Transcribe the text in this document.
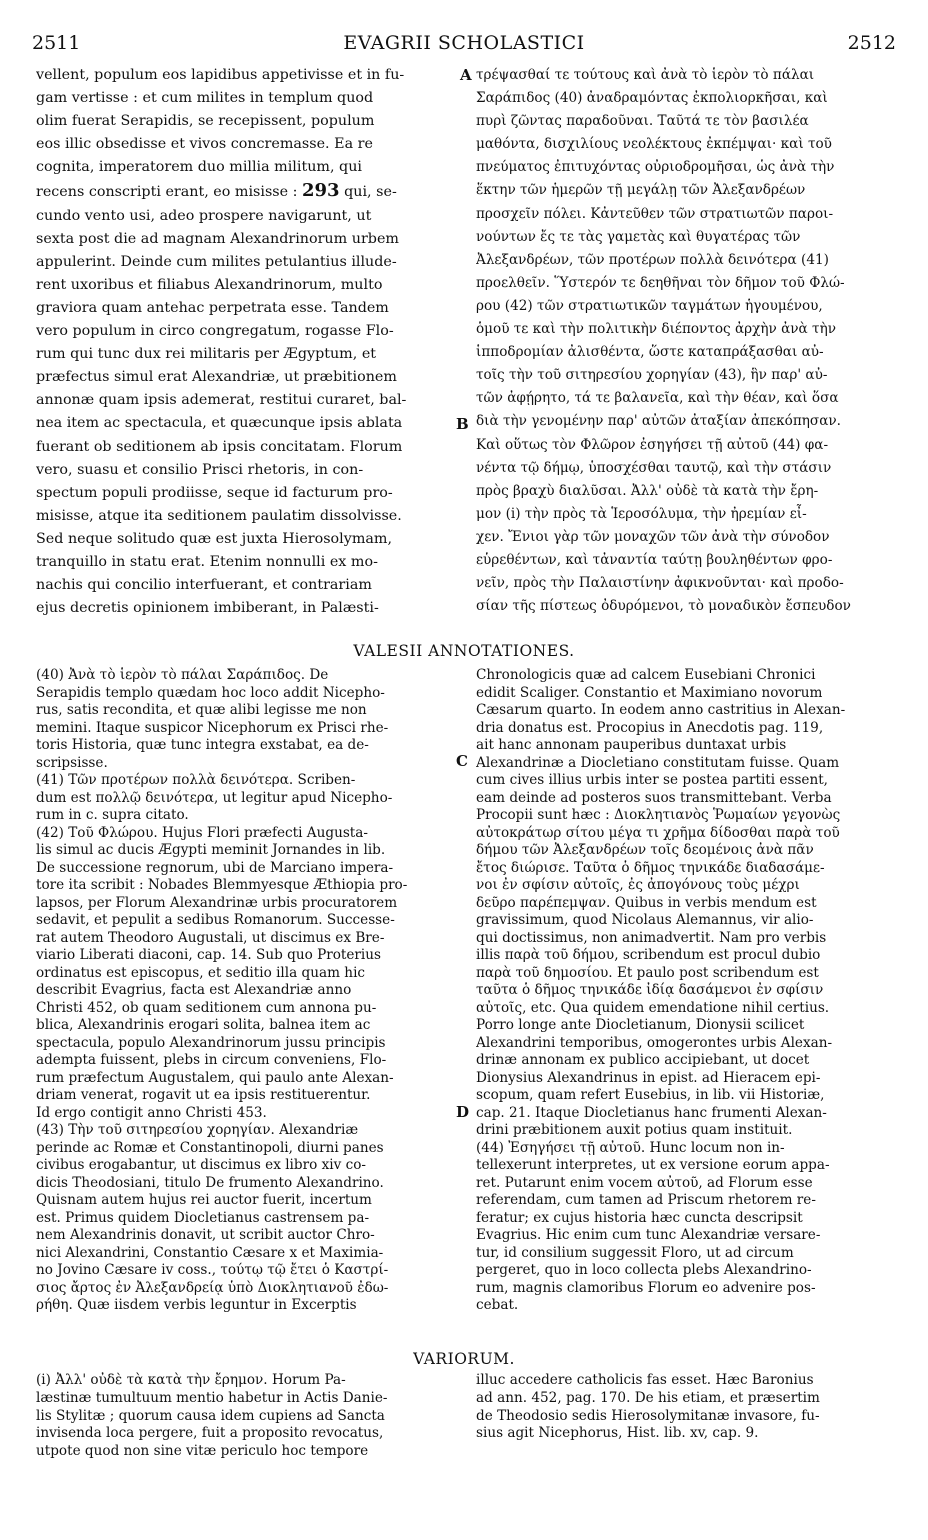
2511	EVAGRII SCHOLASTICI	2512
vellent, populum eos lapidibus appetivisse et in fu-
gam vertisse : et cum milites in templum quod
olim fuerat Serapidis, se recepissent, populum
eos illic obsedisse et vivos concremasse. Ea re
cognita, imperatorem duo millia militum, qui
recens conscripti erant, eo misisse : 293 qui, se-
cundo vento usi, adeo prospere navigarunt, ut
sexta post die ad magnam Alexandrinorum urbem
appulerint. Deinde cum milites petulantius illude-
rent uxoribus et filiabus Alexandrinorum, multo
graviora quam antehac perpetrata esse. Tandem
vero populum in circo congregatum, rogasse Flo-
rum qui tunc dux rei militaris per Ægyptum, et
præfectus simul erat Alexandriæ, ut præbitionem
annonæ quam ipsis ademerat, restitui curaret, bal-
nea item ac spectacula, et quæcunque ipsis ablata
fuerant ob seditionem ab ipsis concitatam. Florum
vero, suasu et consilio Prisci rhetoris, in con-
spectum populi prodiisse, seque id facturum pro-
misisse, atque ita seditionem paulatim dissolvisse.
Sed neque solitudo quæ est juxta Hierosolymam,
tranquillo in statu erat. Etenim nonnulli ex mo-
nachis qui concilio interfuerant, et contrariam
ejus decretis opinionem imbiberant, in Palæsti-
τρέψασθαί τε τούτους καὶ ἀνὰ τὸ ἱερὸν τὸ πάλαι
Σαράπιδος (40) ἀναδραμόντας ἐκπολιορκῆσαι, καὶ
πυρὶ ζῶντας παραδοῦναι. Ταῦτά τε τὸν βασιλέα
μαθόντα, δισχιλίους νεολέκτους ἐκπέμψαι· καὶ τοῦ
πνεύματος ἐπιτυχόντας οὐριοδρομῆσαι, ὡς ἀνὰ τὴν
ἕκτην τῶν ἡμερῶν τῇ μεγάλῃ τῶν Ἀλεξανδρέων
προσχεῖν πόλει. Κἀντεῦθεν τῶν στρατιωτῶν παροι-
νούντων ἔς τε τὰς γαμετὰς καὶ θυγατέρας τῶν
Ἀλεξανδρέων, τῶν προτέρων πολλὰ δεινότερα (41)
προελθεῖν. Ὕστερόν τε δεηθῆναι τὸν δῆμον τοῦ Φλώ-
ρου (42) τῶν στρατιωτικῶν ταγμάτων ἡγουμένου,
ὁμοῦ τε καὶ τὴν πολιτικὴν διέποντος ἀρχὴν ἀνὰ τὴν
ἱπποδρομίαν ἀλισθέντα, ὥστε καταπράξασθαι αὐ-
τοῖς τὴν τοῦ σιτηρεσίου χορηγίαν (43), ἣν παρ' αὐ-
τῶν ἀφῄρητο, τά τε βαλανεῖα, καὶ τὴν θέαν, καὶ ὅσα
διὰ τὴν γενομένην παρ' αὐτῶν ἀταξίαν ἀπεκόπησαν.
Καὶ οὕτως τὸν Φλῶρον ἐσηγήσει τῇ αὐτοῦ (44) φα-
νέντα τῷ δήμῳ, ὑποσχέσθαι ταυτῷ, καὶ τὴν στάσιν
πρὸς βραχὺ διαλῦσαι. Ἀλλ' οὐδὲ τὰ κατὰ τὴν ἔρη-
μον (i) τὴν πρὸς τὰ Ἱεροσόλυμα, τὴν ἠρεμίαν εἶ-
χεν. Ἔνιοι γὰρ τῶν μοναχῶν τῶν ἀνὰ τὴν σύνοδον
εὑρεθέντων, καὶ τἀναντία ταύτῃ βουληθέντων φρο-
νεῖν, πρὸς τὴν Παλαιστίνην ἀφικνοῦνται· καὶ προδο-
σίαν τῆς πίστεως ὀδυρόμενοι, τὸ μοναδικὸν ἔσπευδον
A
B
C
D
VALESII ANNOTATIONES.
(40) Ἀνὰ τὸ ἱερὸν τὸ πάλαι Σαράπιδος. De
Serapidis templo quædam hoc loco addit Nicepho-
rus, satis recondita, et quæ alibi legisse me non
memini. Itaque suspicor Nicephorum ex Prisci rhe-
toris Historia, quæ tunc integra exstabat, ea de-
scripsisse.
(41) Τῶν προτέρων πολλὰ δεινότερα. Scriben-
dum est πολλῷ δεινότερα, ut legitur apud Nicepho-
rum in c. supra citato.
(42) Τοῦ Φλώρου. Hujus Flori præfecti Augusta-
lis simul ac ducis Ægypti meminit Jornandes in lib.
De successione regnorum, ubi de Marciano impera-
tore ita scribit : Nobades Blemmyesque Æthiopia pro-
lapsos, per Florum Alexandrinæ urbis procuratorem
sedavit, et pepulit a sedibus Romanorum. Successe-
rat autem Theodoro Augustali, ut discimus ex Bre-
viario Liberati diaconi, cap. 14. Sub quo Proterius
ordinatus est episcopus, et seditio illa quam hic
describit Evagrius, facta est Alexandriæ anno
Christi 452, ob quam seditionem cum annona pu-
blica, Alexandrinis erogari solita, balnea item ac
spectacula, populo Alexandrinorum jussu principis
adempta fuissent, plebs in circum conveniens, Flo-
rum præfectum Augustalem, qui paulo ante Alexan-
driam venerat, rogavit ut ea ipsis restituerentur.
Id ergo contigit anno Christi 453.
(43) Τὴν τοῦ σιτηρεσίου χορηγίαν. Alexandriæ
perinde ac Romæ et Constantinopoli, diurni panes
civibus erogabantur, ut discimus ex libro xiv co-
dicis Theodosiani, titulo De frumento Alexandrino.
Quisnam autem hujus rei auctor fuerit, incertum
est. Primus quidem Diocletianus castrensem pa-
nem Alexandrinis donavit, ut scribit auctor Chro-
nici Alexandrini, Constantio Cæsare x et Maximia-
no Jovino Cæsare iv coss., τούτῳ τῷ ἔτει ὁ Καστρί-
σιος ἄρτος ἐν Ἀλεξανδρείᾳ ὑπὸ Διοκλητιανοῦ ἐδω-
ρήθη. Quæ iisdem verbis leguntur in Excerptis
Chronologicis quæ ad calcem Eusebiani Chronici
edidit Scaliger. Constantio et Maximiano novorum
Cæsarum quarto. In eodem anno castritius in Alexan-
dria donatus est. Procopius in Anecdotis pag. 119,
ait hanc annonam pauperibus duntaxat urbis
Alexandrinæ a Diocletiano constitutam fuisse. Quam
cum cives illius urbis inter se postea partiti essent,
eam deinde ad posteros suos transmittebant. Verba
Procopii sunt hæc : Διοκλητιανὸς Ῥωμαίων γεγονὼς
αὐτοκράτωρ σίτου μέγα τι χρῆμα δίδοσθαι παρὰ τοῦ
δήμου τῶν Ἀλεξανδρέων τοῖς δεομένοις ἀνὰ πᾶν
ἔτος διώρισε. Ταῦτα ὁ δῆμος τηνικάδε διαδασάμε-
νοι ἐν σφίσιν αὐτοῖς, ἐς ἀπογόνους τοὺς μέχρι
δεῦρο παρέπεμψαν. Quibus in verbis mendum est
gravissimum, quod Nicolaus Alemannus, vir alio-
qui doctissimus, non animadvertit. Nam pro verbis
illis παρὰ τοῦ δήμου, scribendum est procul dubio
παρὰ τοῦ δημοσίου. Et paulo post scribendum est
ταῦτα ὁ δῆμος τηνικάδε ἰδίᾳ δασάμενοι ἐν σφίσιν
αὐτοῖς, etc. Qua quidem emendatione nihil certius.
Porro longe ante Diocletianum, Dionysii scilicet
Alexandrini temporibus, omogerontes urbis Alexan-
drinæ annonam ex publico accipiebant, ut docet
Dionysius Alexandrinus in epist. ad Hieracem epi-
scopum, quam refert Eusebius, in lib. vii Historiæ,
cap. 21. Itaque Diocletianus hanc frumenti Alexan-
drini præbitionem auxit potius quam instituit.
(44) Ἐσηγήσει τῇ αὐτοῦ. Hunc locum non in-
tellexerunt interpretes, ut ex versione eorum appa-
ret. Putarunt enim vocem αὐτοῦ, ad Florum esse
referendam, cum tamen ad Priscum rhetorem re-
feratur; ex cujus historia hæc cuncta descripsit
Evagrius. Hic enim cum tunc Alexandriæ versare-
tur, id consilium suggessit Floro, ut ad circum
pergeret, quo in loco collecta plebs Alexandrino-
rum, magnis clamoribus Florum eo advenire pos-
cebat.
VARIORUM.
(i) Ἀλλ' οὐδὲ τὰ κατὰ τὴν ἔρημον. Horum Pa-
læstinæ tumultuum mentio habetur in Actis Danie-
lis Stylitæ ; quorum causa idem cupiens ad Sancta
invisenda loca pergere, fuit a proposito revocatus,
utpote quod non sine vitæ periculo hoc tempore
illuc accedere catholicis fas esset. Hæc Baronius
ad ann. 452, pag. 170. De his etiam, et præsertim
de Theodosio sedis Hierosolymitanæ invasore, fu-
sius agit Nicephorus, Hist. lib. xv, cap. 9.
